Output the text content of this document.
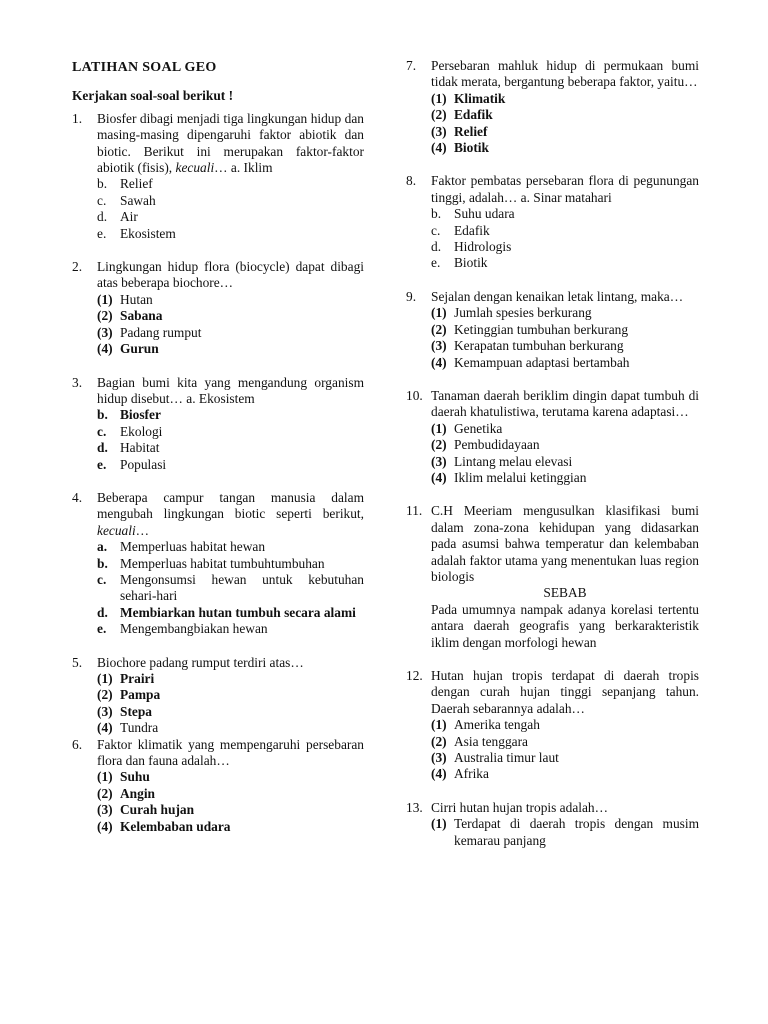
LATIHAN SOAL GEO
Kerjakan soal-soal berikut !
1.	Biosfer dibagi menjadi tiga lingkungan hidup dan masing-masing dipengaruhi faktor abiotik dan biotic. Berikut ini merupakan faktor-faktor abiotik (fisis), kecuali… a. Iklim
b. Relief
c.	Sawah
d. Air
e.	Ekosistem
2.	Lingkungan hidup flora (biocycle) dapat dibagi atas beberapa biochore…
(1) Hutan
(2) Sabana
(3) Padang rumput
(4) Gurun
3.	Bagian bumi kita yang mengandung organism hidup disebut… a. Ekosistem
b. Biosfer
c.	Ekologi
d. Habitat
e.	Populasi
4.	Beberapa campur tangan manusia dalam mengubah lingkungan biotic seperti berikut, kecuali…
a. Memperluas habitat hewan
b. Memperluas habitat tumbuhtumbuhan
c.	Mengonsumsi hewan untuk kebutuhan sehari-hari
d. Membiarkan hutan tumbuh secara alami
e.	Mengembangbiakan hewan
5.	Biochore padang rumput terdiri atas…
(1) Prairi
(2) Pampa
(3) Stepa
(4) Tundra
6.	Faktor klimatik yang mempengaruhi persebaran flora dan fauna adalah…
(1) Suhu
(2) Angin
(3) Curah hujan
(4) Kelembaban udara
7.	Persebaran mahluk hidup di permukaan bumi tidak merata, bergantung beberapa faktor, yaitu…
(1) Klimatik
(2) Edafik
(3) Relief
(4) Biotik
8.	Faktor pembatas persebaran flora di pegunungan tinggi, adalah… a. Sinar matahari
b. Suhu udara
c.	Edafik
d. Hidrologis
e.	Biotik
9.	Sejalan dengan kenaikan letak lintang, maka…
(1) Jumlah spesies berkurang
(2) Ketinggian tumbuhan berkurang
(3) Kerapatan tumbuhan berkurang
(4) Kemampuan adaptasi bertambah
10. Tanaman daerah beriklim dingin dapat tumbuh di daerah khatulistiwa, terutama karena adaptasi…
(1) Genetika
(2) Pembudidayaan
(3) Lintang melau elevasi
(4) Iklim melalui ketinggian
11. C.H Meeriam mengusulkan klasifikasi bumi dalam zona-zona kehidupan yang didasarkan pada asumsi bahwa temperatur dan kelembaban adalah faktor utama yang menentukan luas region biologis
SEBAB
Pada umumnya nampak adanya korelasi tertentu antara daerah geografis yang berkarakteristik iklim dengan morfologi hewan
12. Hutan hujan tropis terdapat di daerah tropis dengan curah hujan tinggi sepanjang tahun. Daerah sebarannya adalah…
(1) Amerika tengah
(2) Asia tenggara
(3) Australia timur laut
(4) Afrika
13. Cirri hutan hujan tropis adalah…
(1) Terdapat di daerah tropis dengan musim kemarau panjang
